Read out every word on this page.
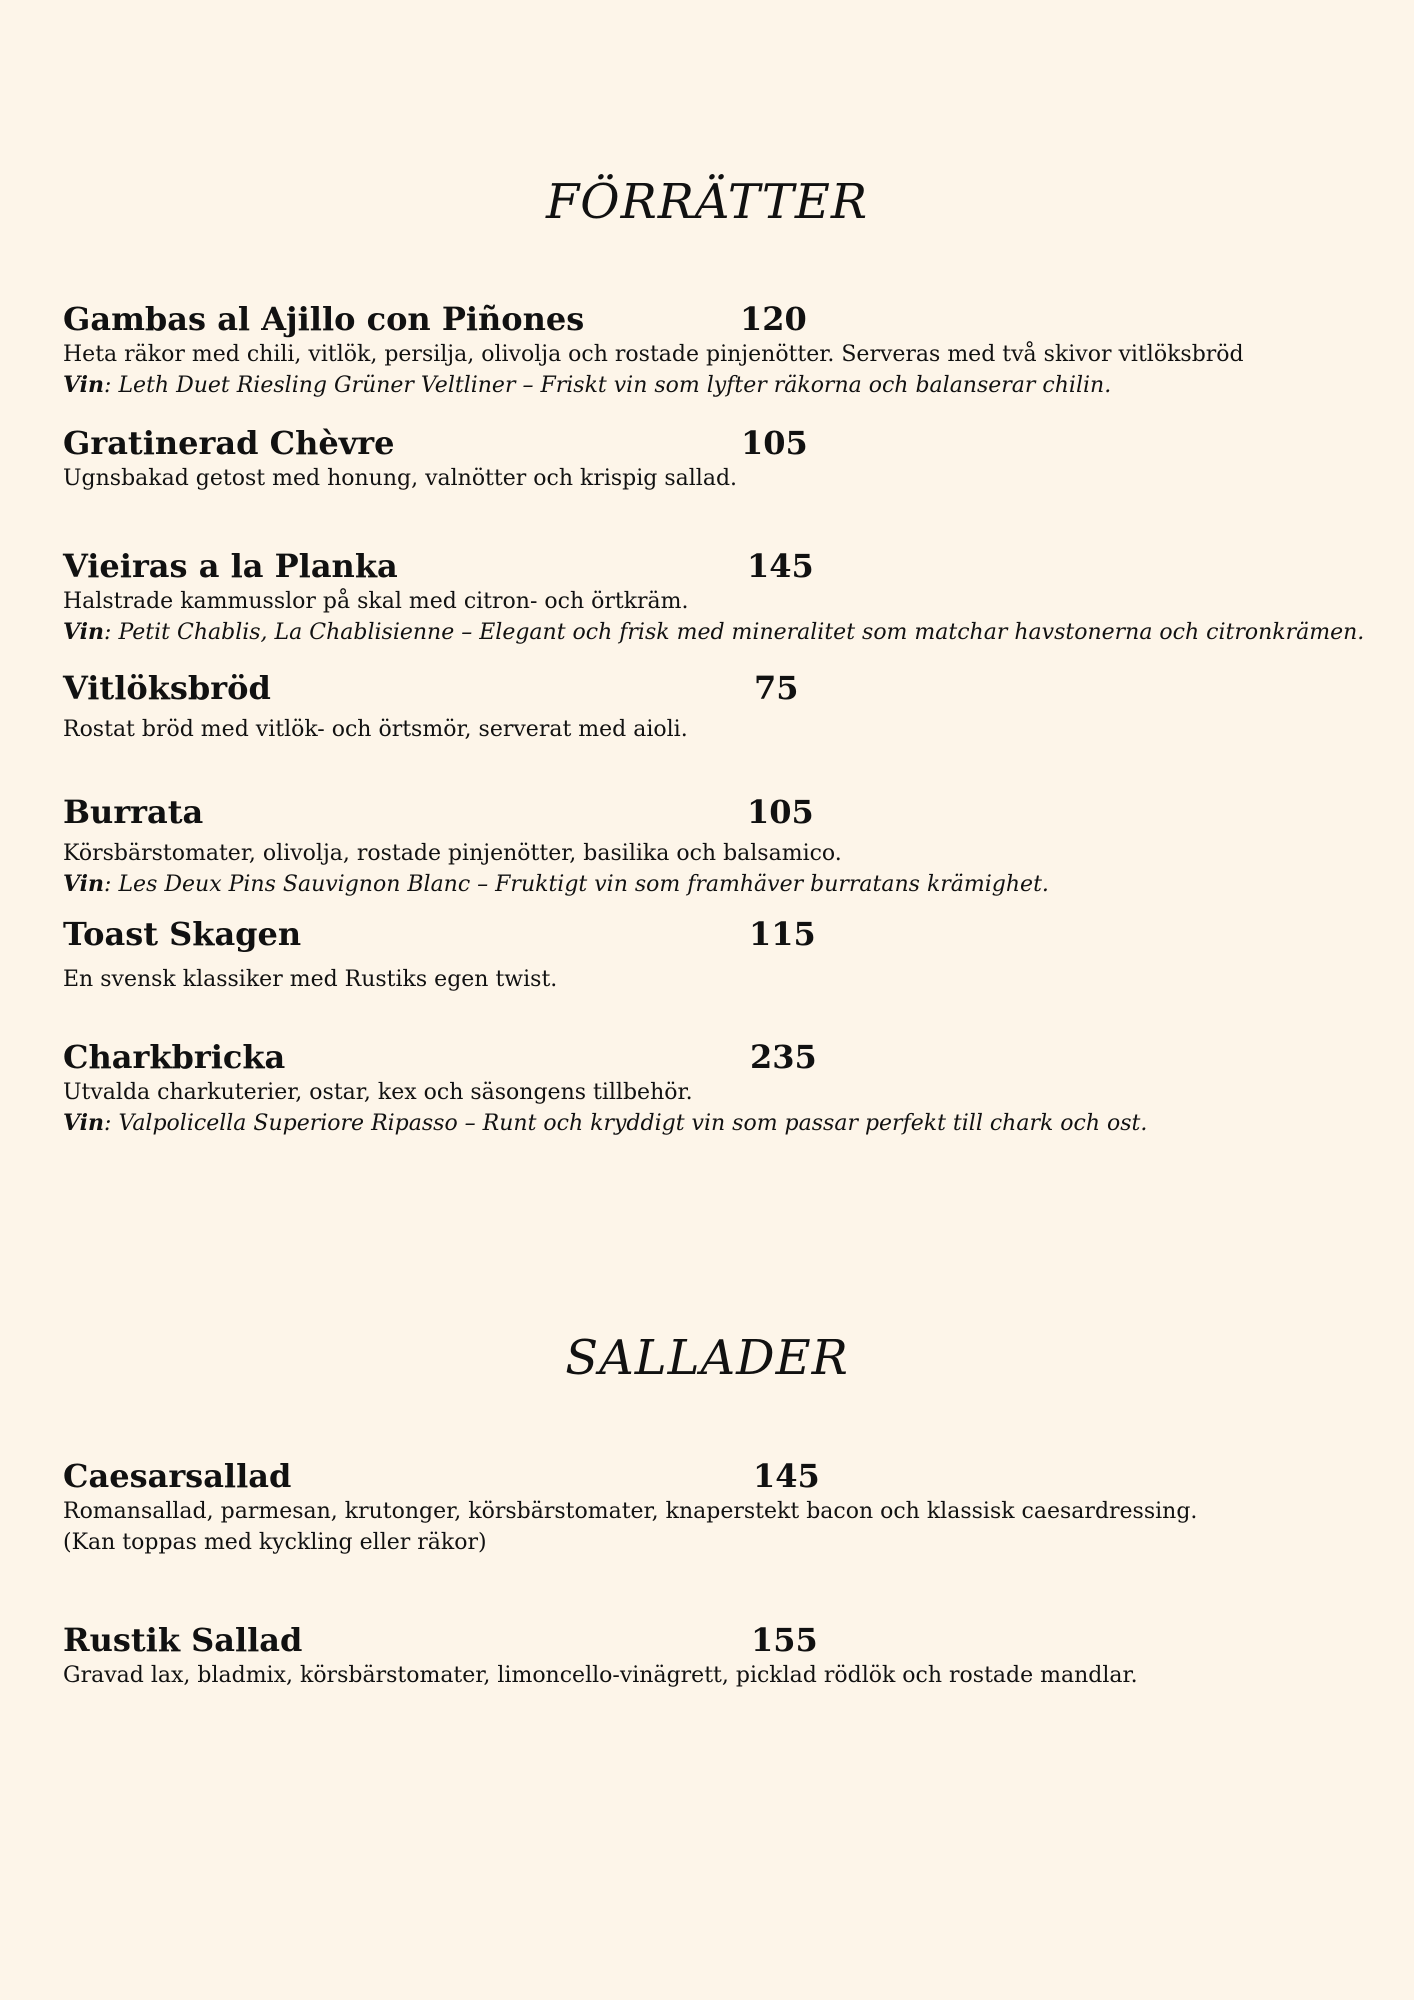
FÖRRÄTTER
Gambas al Ajillo con Piñones	120
Heta räkor med chili, vitlök, persilja, olivolja och rostade pinjenötter. Serveras med två skivor vitlöksbröd
Vin: Leth Duet Riesling Grüner Veltliner – Friskt vin som lyfter räkorna och balanserar chilin.
Gratinerad Chèvre	105
Ugnsbakad getost med honung, valnötter och krispig sallad.
Vieiras a la Planka	145
Halstrade kammusslor på skal med citron- och örtkräm.
Vin: Petit Chablis, La Chablisienne – Elegant och frisk med mineralitet som matchar havstonerna och citronkrämen.
Vitlöksbröd	75
Rostat bröd med vitlök- och örtsmör, serverat med aioli.
Burrata	105
Körsbärstomater, olivolja, rostade pinjenötter, basilika och balsamico.
Vin: Les Deux Pins Sauvignon Blanc – Fruktigt vin som framhäver burratans krämighet.
Toast Skagen	115
En svensk klassiker med Rustiks egen twist.
Charkbricka	235
Utvalda charkuterier, ostar, kex och säsongens tillbehör.
Vin: Valpolicella Superiore Ripasso – Runt och kryddigt vin som passar perfekt till chark och ost.
SALLADER
Caesarsallad	145
Romansallad, parmesan, krutonger, körsbärstomater, knaperstekt bacon och klassisk caesardressing.
(Kan toppas med kyckling eller räkor)
Rustik Sallad	155
Gravad lax, bladmix, körsbärstomater, limoncello-vinägrett, picklad rödlök och rostade mandlar.
